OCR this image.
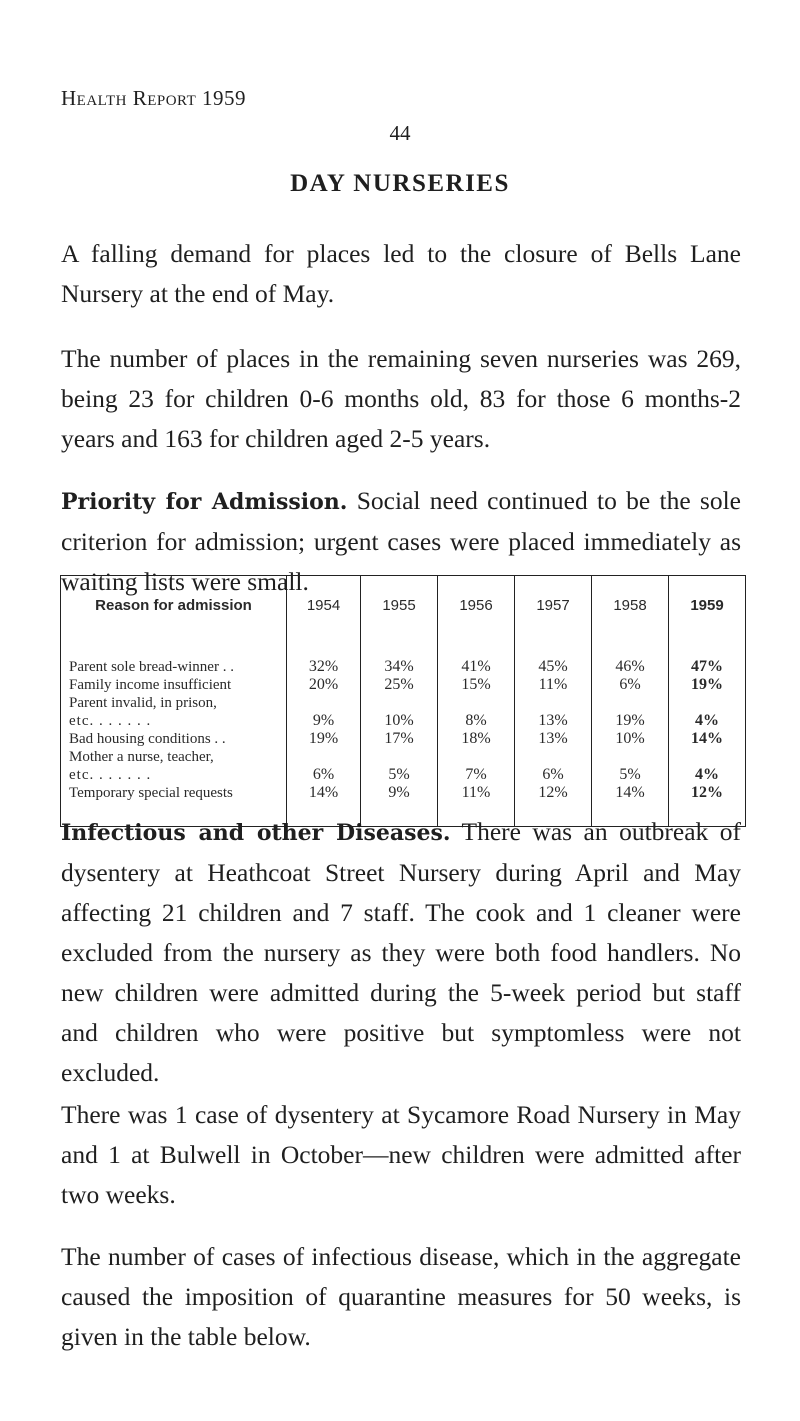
Health Report 1959
44
DAY NURSERIES

A falling demand for places led to the closure of Bells Lane Nursery at the end of May.

The number of places in the remaining seven nurseries was 269, being 23 for children 0-6 months old, 83 for those 6 months-2 years and 163 for children aged 2-5 years.

Priority for Admission. Social need continued to be the sole criterion for admission; urgent cases were placed immediately as waiting lists were small.

Reason for admission	1954	1955	1956	1957	1958	1959
Parent sole bread-winner . .	32%	34%	41%	45%	46%	47%
Family income insufficient	20%	25%	15%	11%	6%	19%

Parent invalid, in prison,
etc. . . . . . .	9%	10%	8%	13%	19%	4%
Bad housing conditions . .	19%	17%	18%	13%	10%	14%

Mother a nurse, teacher,
etc. . . . . . .	6%	5%	7%	6%	5%	4%
Temporary special requests	14%	9%	11%	12%	14%	12%

Infectious and other Diseases. There was an outbreak of dysentery at Heathcoat Street Nursery during April and May affecting 21 children and 7 staff. The cook and 1 cleaner were excluded from the nursery as they were both food handlers. No new children were admitted during the 5-week period but staff and children who were positive but symptomless were not excluded.

There was 1 case of dysentery at Sycamore Road Nursery in May and 1 at Bulwell in October—new children were admitted after two weeks.

The number of cases of infectious disease, which in the aggregate caused the imposition of quarantine measures for 50 weeks, is given in the table below.
